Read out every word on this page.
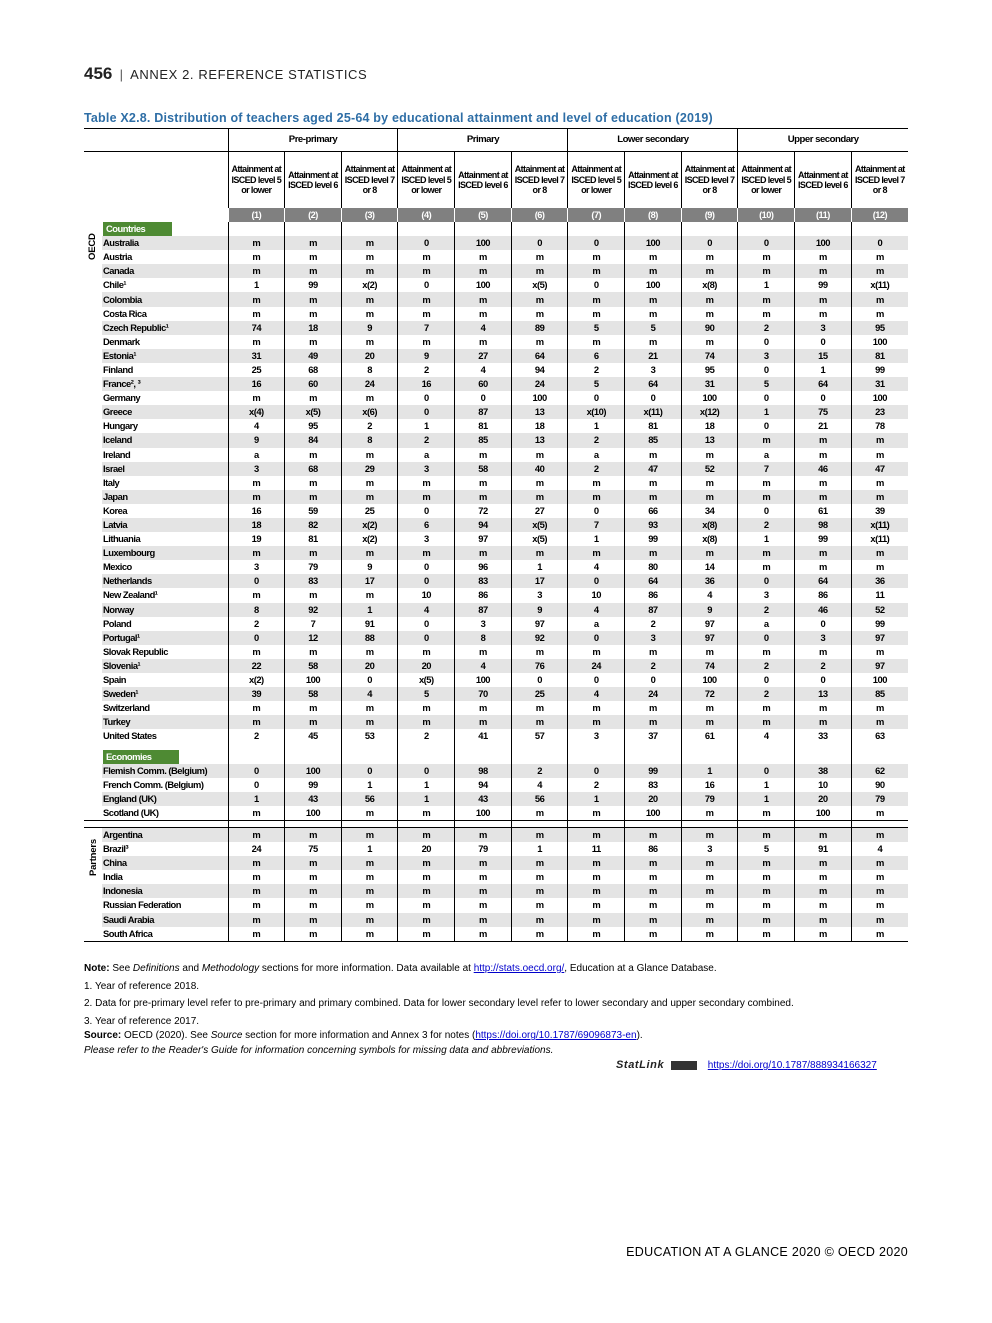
456 | ANNEX 2. REFERENCE STATISTICS
Table X2.8. Distribution of teachers aged 25-64 by educational attainment and level of education (2019)
		Pre-primary			Primary			Lower secondary			Upper secondary		
		Attainment at ISCED level 5 or lower	Attainment at ISCED level 6	Attainment at ISCED level 7 or 8	Attainment at ISCED level 5 or lower	Attainment at ISCED level 6	Attainment at ISCED level 7 or 8	Attainment at ISCED level 5 or lower	Attainment at ISCED level 6	Attainment at ISCED level 7 or 8	Attainment at ISCED level 5 or lower	Attainment at ISCED level 6	Attainment at ISCED level 7 or 8
		(1)	(2)	(3)	(4)	(5)	(6)	(7)	(8)	(9)	(10)	(11)	(12)

OECD	Countries												
	Australia	m	m	m	0	100	0	0	100	0	0	100	0
	Austria	m	m	m	m	m	m	m	m	m	m	m	m
	Canada	m	m	m	m	m	m	m	m	m	m	m	m
	Chile¹	1	99	x(2)	0	100	x(5)	0	100	x(8)	1	99	x(11)
	Colombia	m	m	m	m	m	m	m	m	m	m	m	m
	Costa Rica	m	m	m	m	m	m	m	m	m	m	m	m
	Czech Republic¹	74	18	9	7	4	89	5	5	90	2	3	95
	Denmark	m	m	m	m	m	m	m	m	m	0	0	100
	Estonia¹	31	49	20	9	27	64	6	21	74	3	15	81
	Finland	25	68	8	2	4	94	2	3	95	0	1	99
	France², ³	16	60	24	16	60	24	5	64	31	5	64	31
	Germany	m	m	m	0	0	100	0	0	100	0	0	100
	Greece	x(4)	x(5)	x(6)	0	87	13	x(10)	x(11)	x(12)	1	75	23
	Hungary	4	95	2	1	81	18	1	81	18	0	21	78
	Iceland	9	84	8	2	85	13	2	85	13	m	m	m
	Ireland	a	m	m	a	m	m	a	m	m	a	m	m
	Israel	3	68	29	3	58	40	2	47	52	7	46	47
	Italy	m	m	m	m	m	m	m	m	m	m	m	m
	Japan	m	m	m	m	m	m	m	m	m	m	m	m
	Korea	16	59	25	0	72	27	0	66	34	0	61	39
	Latvia	18	82	x(2)	6	94	x(5)	7	93	x(8)	2	98	x(11)
	Lithuania	19	81	x(2)	3	97	x(5)	1	99	x(8)	1	99	x(11)
	Luxembourg	m	m	m	m	m	m	m	m	m	m	m	m
	Mexico	3	79	9	0	96	1	4	80	14	m	m	m
	Netherlands	0	83	17	0	83	17	0	64	36	0	64	36
	New Zealand¹	m	m	m	10	86	3	10	86	4	3	86	11
	Norway	8	92	1	4	87	9	4	87	9	2	46	52
	Poland	2	7	91	0	3	97	a	2	97	a	0	99
	Portugal¹	0	12	88	0	8	92	0	3	97	0	3	97
	Slovak Republic	m	m	m	m	m	m	m	m	m	m	m	m
	Slovenia¹	22	58	20	20	4	76	24	2	74	2	2	97
	Spain	x(2)	100	0	x(5)	100	0	0	0	100	0	0	100
	Sweden¹	39	58	4	5	70	25	4	24	72	2	13	85
	Switzerland	m	m	m	m	m	m	m	m	m	m	m	m
	Turkey	m	m	m	m	m	m	m	m	m	m	m	m
	United States	2	45	53	2	41	57	3	37	61	4	33	63

	Economies												
	Flemish Comm. (Belgium)	0	100	0	0	98	2	0	99	1	0	38	62
	French Comm. (Belgium)	0	99	1	1	94	4	2	83	16	1	10	90
	England (UK)	1	43	56	1	43	56	1	20	79	1	20	79
	Scotland (UK)	m	100	m	m	100	m	m	100	m	m	100	m

Partners	Argentina	m	m	m	m	m	m	m	m	m	m	m	m
	Brazil³	24	75	1	20	79	1	11	86	3	5	91	4
	China	m	m	m	m	m	m	m	m	m	m	m	m
	India	m	m	m	m	m	m	m	m	m	m	m	m
	Indonesia	m	m	m	m	m	m	m	m	m	m	m	m
	Russian Federation	m	m	m	m	m	m	m	m	m	m	m	m
	Saudi Arabia	m	m	m	m	m	m	m	m	m	m	m	m
	South Africa	m	m	m	m	m	m	m	m	m	m	m	m

Note: See Definitions and Methodology sections for more information. Data available at http://stats.oecd.org/, Education at a Glance Database.

1. Year of reference 2018.

2. Data for pre-primary level refer to pre-primary and primary combined. Data for lower secondary level refer to lower secondary and upper secondary combined.

3. Year of reference 2017.

Source: OECD (2020). See Source section for more information and Annex 3 for notes (https://doi.org/10.1787/69096873-en).

Please refer to the Reader's Guide for information concerning symbols for missing data and abbreviations.

StatLink	https://doi.org/10.1787/888934166327
EDUCATION AT A GLANCE 2020 © OECD 2020
